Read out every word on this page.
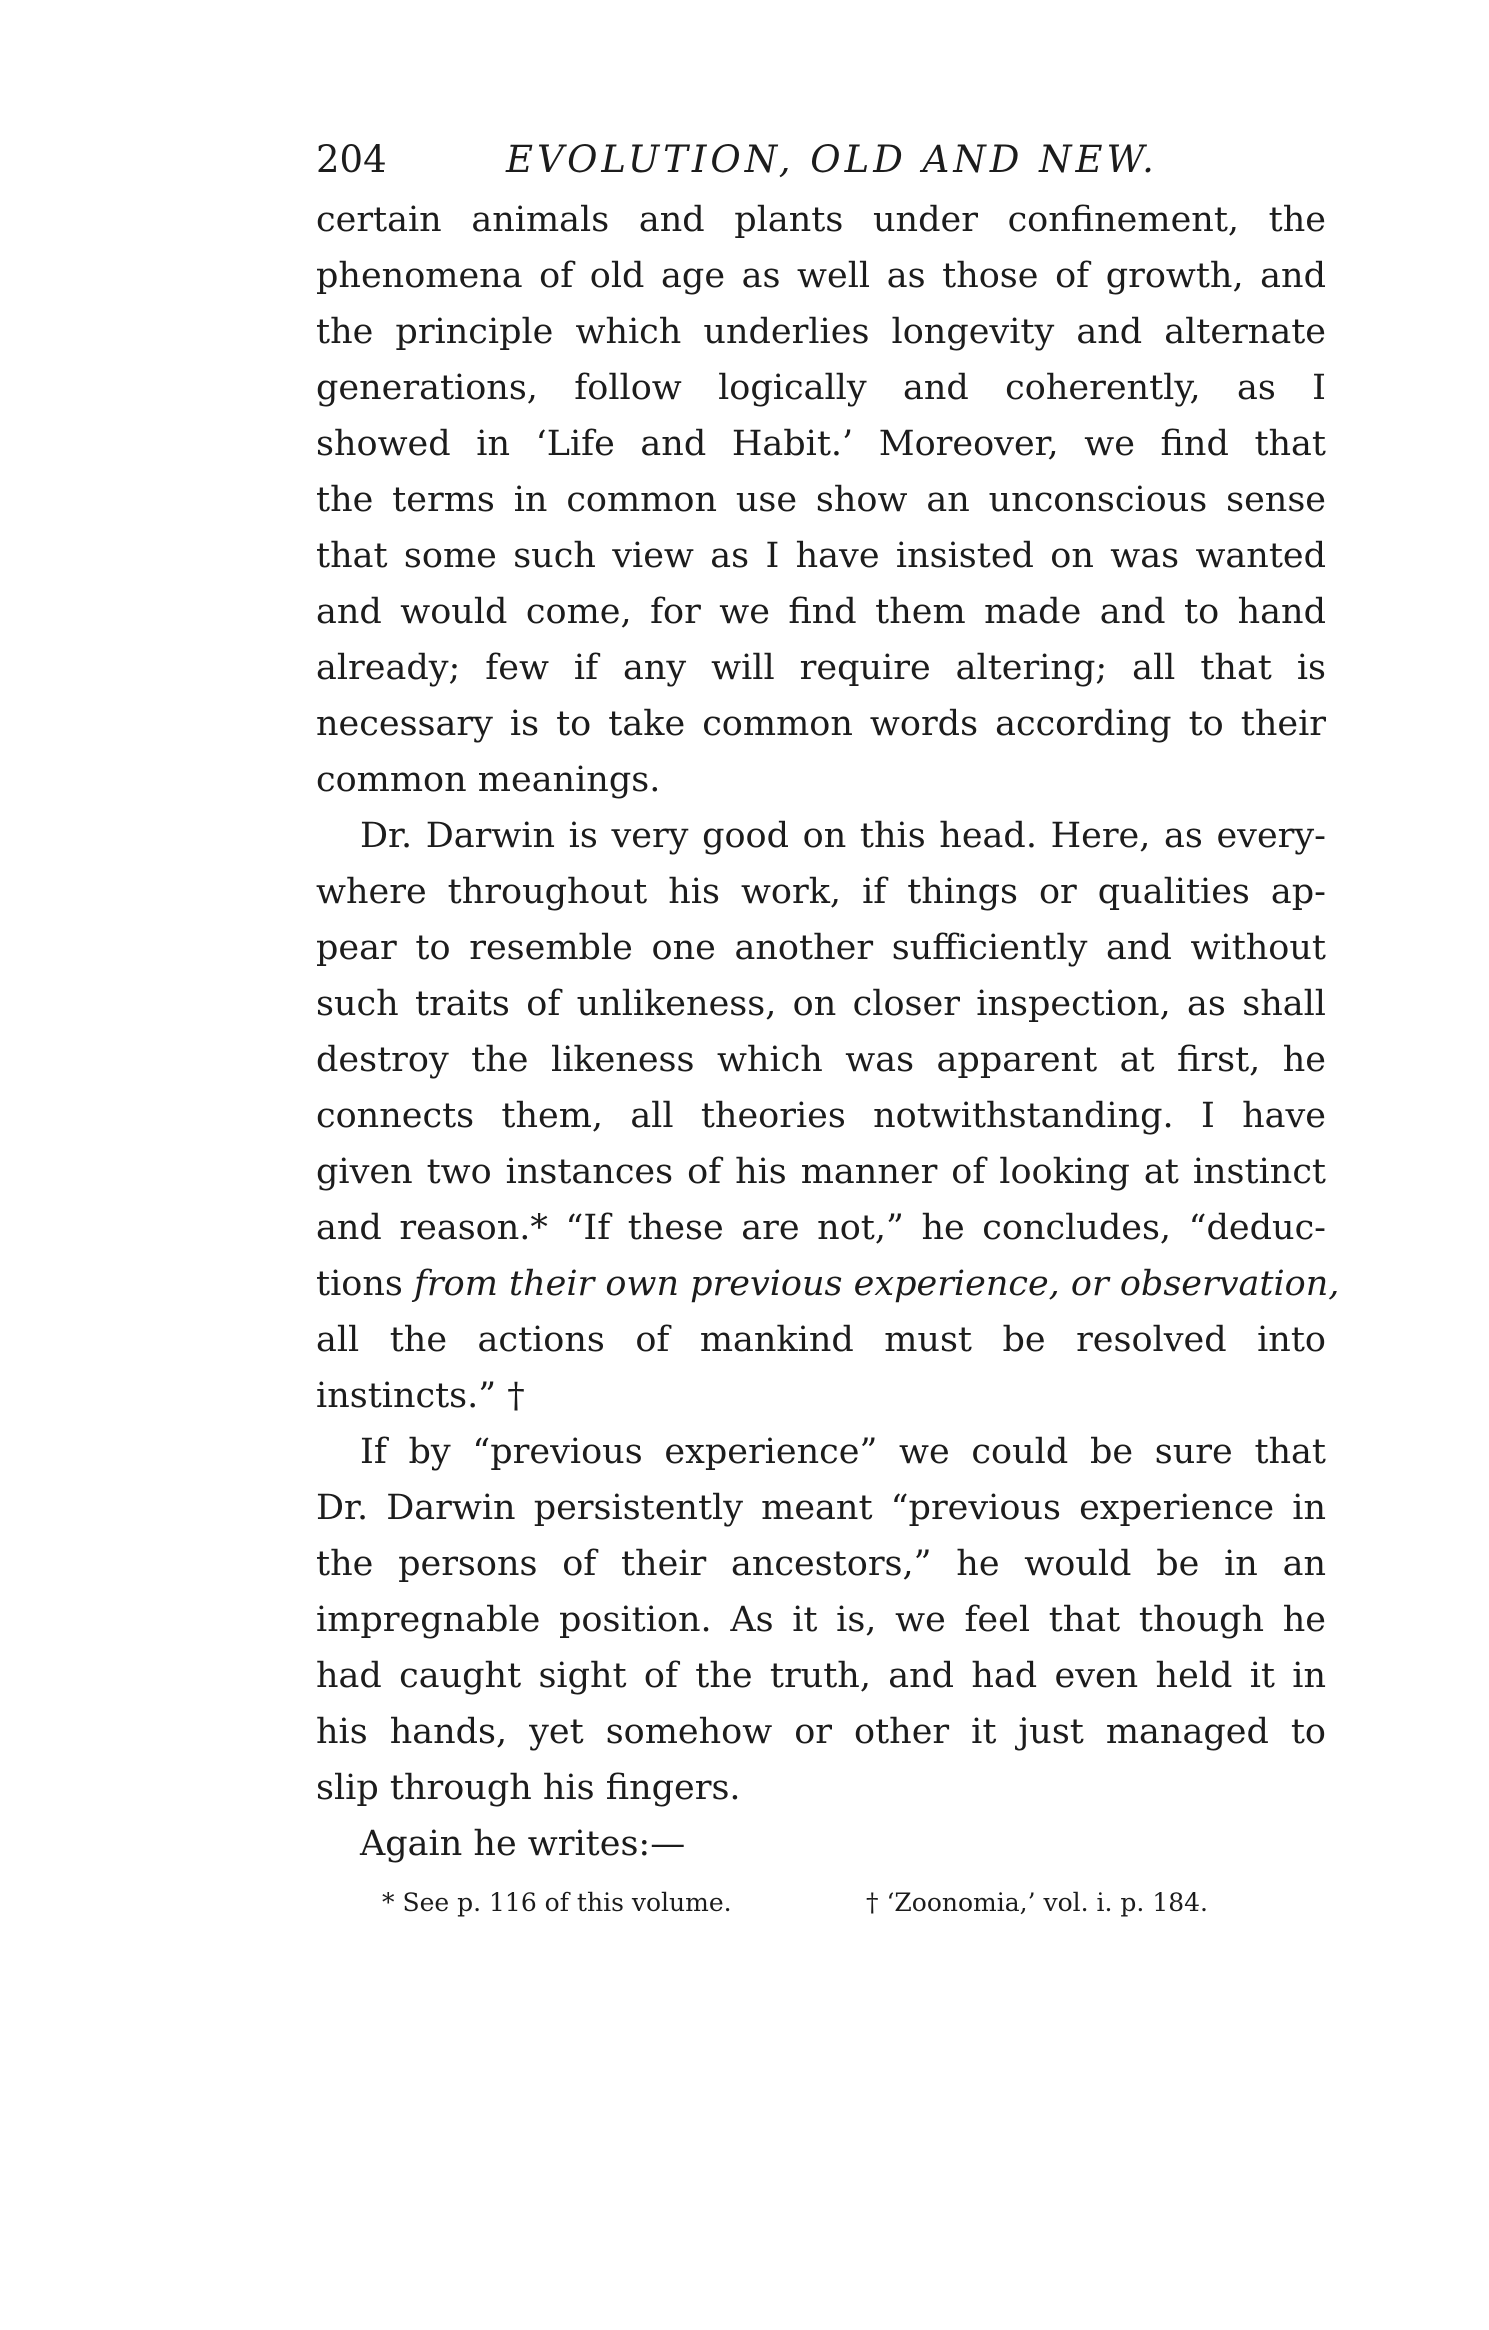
204	EVOLUTION, OLD AND NEW.
certain animals and plants under confinement, the
phenomena of old age as well as those of growth, and
the principle which underlies longevity and alternate
generations, follow logically and coherently, as I
showed in ‘Life and Habit.’ Moreover, we find that
the terms in common use show an unconscious sense
that some such view as I have insisted on was wanted
and would come, for we find them made and to hand
already; few if any will require altering; all that is
necessary is to take common words according to their
common meanings.
Dr. Darwin is very good on this head. Here, as every-
where throughout his work, if things or qualities ap-
pear to resemble one another sufficiently and without
such traits of unlikeness, on closer inspection, as shall
destroy the likeness which was apparent at first, he
connects them, all theories notwithstanding. I have
given two instances of his manner of looking at instinct
and reason.* “If these are not,” he concludes, “deduc-
tions from their own previous experience, or observation,
all the actions of mankind must be resolved into
instincts.” †
If by “previous experience” we could be sure that
Dr. Darwin persistently meant “previous experience in
the persons of their ancestors,” he would be in an
impregnable position. As it is, we feel that though he
had caught sight of the truth, and had even held it in
his hands, yet somehow or other it just managed to
slip through his fingers.
Again he writes:—
* See p. 116 of this volume.	† ‘Zoonomia,’ vol. i. p. 184.
